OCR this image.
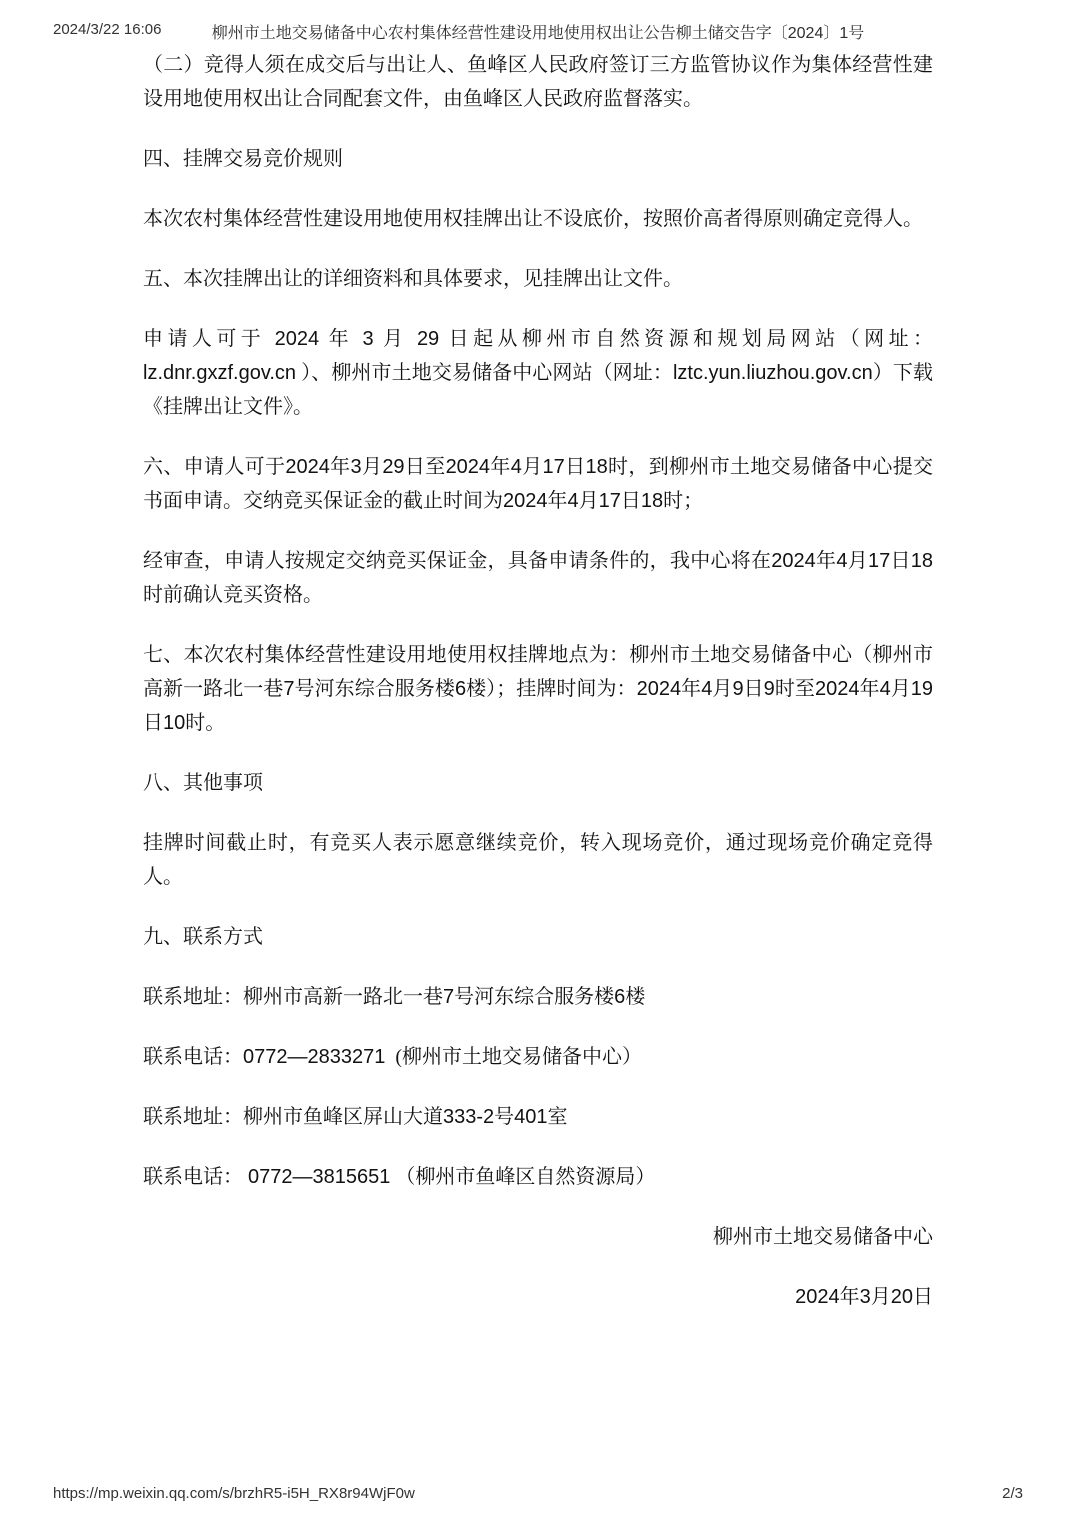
2024/3/22 16:06	柳州市土地交易储备中心农村集体经营性建设用地使用权出让公告柳土储交告字〔2024〕1号

（二）竞得人须在成交后与出让人、鱼峰区人民政府签订三方监管协议作为集体经营性建设用地使用权出让合同配套文件，由鱼峰区人民政府监督落实。

四、挂牌交易竞价规则

本次农村集体经营性建设用地使用权挂牌出让不设底价，按照价高者得原则确定竞得人。

五、本次挂牌出让的详细资料和具体要求，见挂牌出让文件。

申请人可于 2024 年 3 月 29 日起从柳州市自然资源和规划局网站（网址：lz.dnr.gxzf.gov.cn ）、柳州市土地交易储备中心网站（网址：lztc.yun.liuzhou.gov.cn）下载《挂牌出让文件》。

六、申请人可于2024年3月29日至2024年4月17日18时，到柳州市土地交易储备中心提交书面申请。交纳竞买保证金的截止时间为2024年4月17日18时；

经审查，申请人按规定交纳竞买保证金，具备申请条件的，我中心将在2024年4月17日18时前确认竞买资格。

七、本次农村集体经营性建设用地使用权挂牌地点为：柳州市土地交易储备中心（柳州市高新一路北一巷7号河东综合服务楼6楼）；挂牌时间为：2024年4月9日9时至2024年4月19日10时。

八、其他事项

挂牌时间截止时，有竞买人表示愿意继续竞价，转入现场竞价，通过现场竞价确定竞得人。

九、联系方式

联系地址：柳州市高新一路北一巷7号河东综合服务楼6楼

联系电话：0772—2833271  (柳州市土地交易储备中心）

联系地址：柳州市鱼峰区屏山大道333-2号401室

联系电话： 0772—3815651 （柳州市鱼峰区自然资源局）

柳州市土地交易储备中心

2024年3月20日

https://mp.weixin.qq.com/s/brzhR5-i5H_RX8r94WjF0w	2/3
